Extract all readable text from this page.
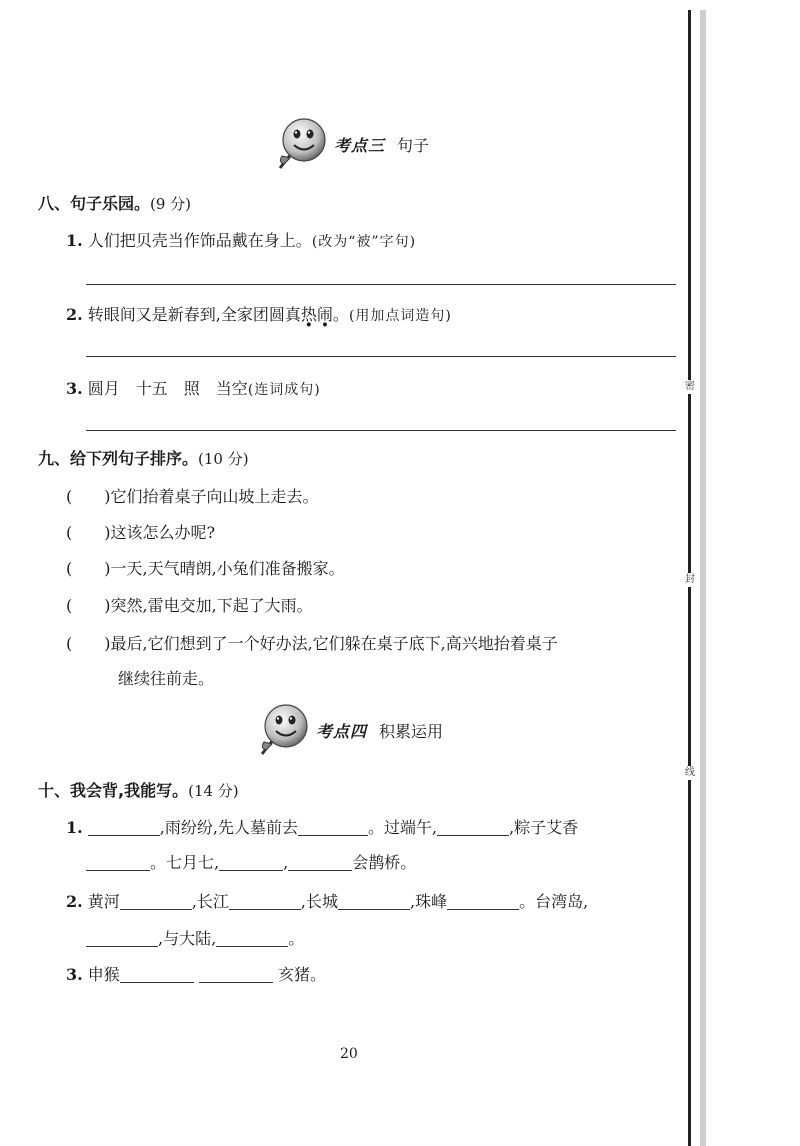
密
封
线
考点三 句子
八、句子乐园。(9 分)
1. 人们把贝壳当作饰品戴在身上。(改为“被”字句)
2. 转眼间又是新春到,全家团圆真热闹。(用加点词造句)
3. 圆月　十五　照　当空(连词成句)
九、给下列句子排序。(10 分)
(　　)它们抬着桌子向山坡上走去。
(　　)这该怎么办呢?
(　　)一天,天气晴朗,小兔们准备搬家。
(　　)突然,雷电交加,下起了大雨。
(　　)最后,它们想到了一个好办法,它们躲在桌子底下,高兴地抬着桌子
继续往前走。
考点四 积累运用
十、我会背,我能写。(14 分)
1.	,雨纷纷,先人墓前去	。过端午,	,粽子艾香
。七月七,	,	会鹊桥。
2. 黄河	,长江	,长城	,珠峰	。台湾岛,
,与大陆,	。
3. 申猴	亥猪。
20
